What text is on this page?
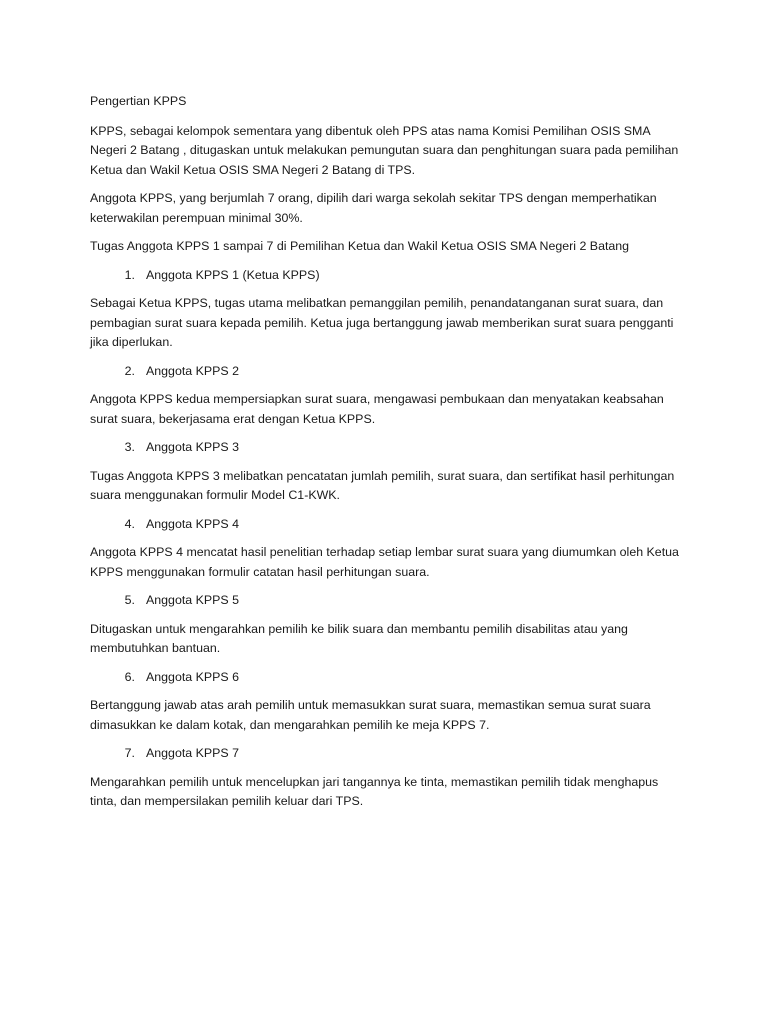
Pengertian KPPS

KPPS, sebagai kelompok sementara yang dibentuk oleh PPS atas nama Komisi Pemilihan OSIS SMA Negeri 2 Batang , ditugaskan untuk melakukan pemungutan suara dan penghitungan suara pada pemilihan Ketua dan Wakil Ketua OSIS SMA Negeri 2 Batang di TPS.

Anggota KPPS, yang berjumlah 7 orang, dipilih dari warga sekolah sekitar TPS dengan memperhatikan keterwakilan perempuan minimal 30%.

Tugas Anggota KPPS 1 sampai 7 di Pemilihan Ketua dan Wakil Ketua OSIS SMA Negeri 2 Batang

1. Anggota KPPS 1 (Ketua KPPS)

Sebagai Ketua KPPS, tugas utama melibatkan pemanggilan pemilih, penandatanganan surat suara, dan pembagian surat suara kepada pemilih. Ketua juga bertanggung jawab memberikan surat suara pengganti jika diperlukan.

2. Anggota KPPS 2

Anggota KPPS kedua mempersiapkan surat suara, mengawasi pembukaan dan menyatakan keabsahan surat suara, bekerjasama erat dengan Ketua KPPS.

3. Anggota KPPS 3

Tugas Anggota KPPS 3 melibatkan pencatatan jumlah pemilih, surat suara, dan sertifikat hasil perhitungan suara menggunakan formulir Model C1-KWK.

4. Anggota KPPS 4

Anggota KPPS 4 mencatat hasil penelitian terhadap setiap lembar surat suara yang diumumkan oleh Ketua KPPS menggunakan formulir catatan hasil perhitungan suara.

5. Anggota KPPS 5

Ditugaskan untuk mengarahkan pemilih ke bilik suara dan membantu pemilih disabilitas atau yang membutuhkan bantuan.

6. Anggota KPPS 6

Bertanggung jawab atas arah pemilih untuk memasukkan surat suara, memastikan semua surat suara dimasukkan ke dalam kotak, dan mengarahkan pemilih ke meja KPPS 7.

7. Anggota KPPS 7

Mengarahkan pemilih untuk mencelupkan jari tangannya ke tinta, memastikan pemilih tidak menghapus tinta, dan mempersilakan pemilih keluar dari TPS.
